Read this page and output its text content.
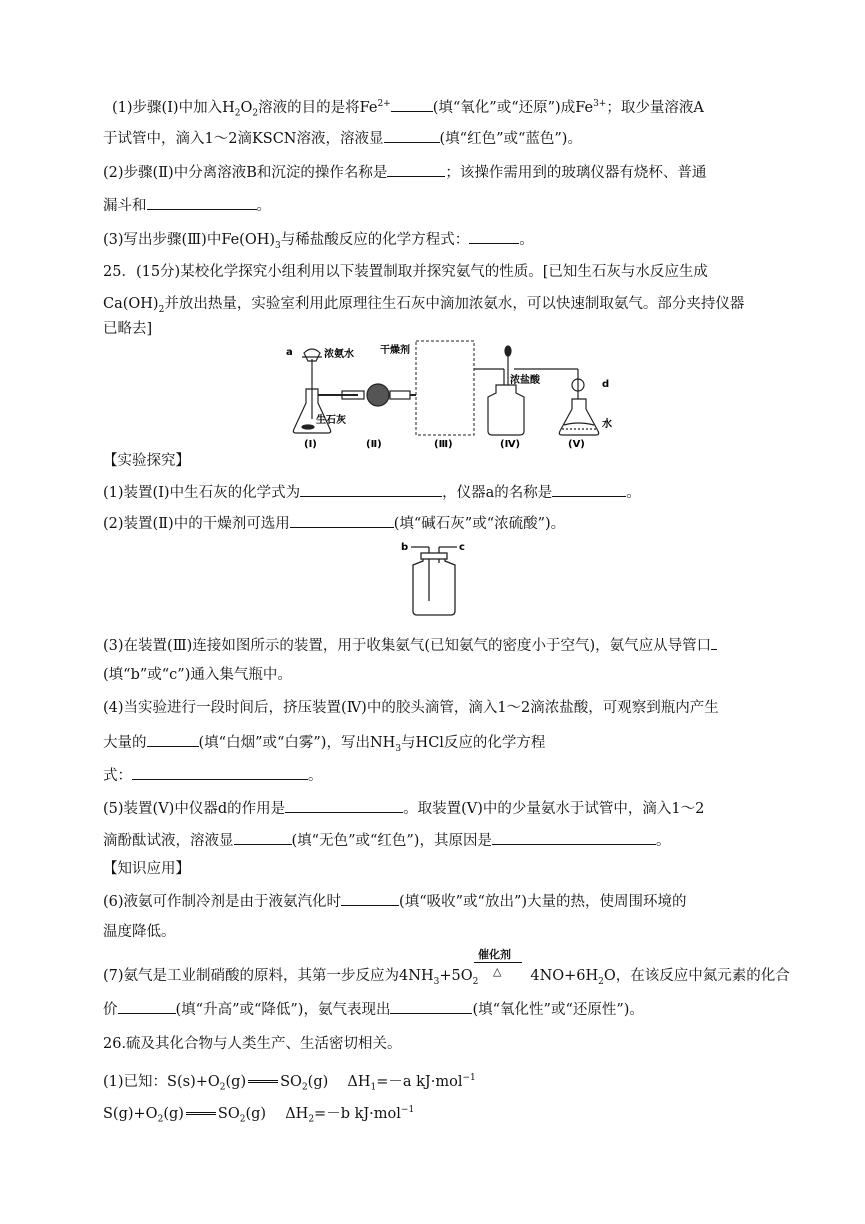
(1)步骤(Ⅰ)中加入$H_2O_2$溶液的目的是将$Fe^{2+}$	(填“氧化”或“还原”)成$Fe^{3+}$；取少量溶液A
于试管中，滴入1～2滴KSCN溶液，溶液显	(填“红色”或“蓝色”)。
(2)步骤(Ⅱ)中分离溶液B和沉淀的操作名称是	；该操作需用到的玻璃仪器有烧杯、普通
漏斗和	。
(3)写出步骤(Ⅲ)中$Fe(OH)_3$与稀盐酸反应的化学方程式：	。
25．(15分)某校化学探究小组利用以下装置制取并探究氨气的性质。[已知生石灰与水反应生成
$Ca(OH)_2$并放出热量，实验室利用此原理往生石灰中滴加浓氨水，可以快速制取氨气。部分夹持仪器
已略去]
a	浓氨水
生石灰
干燥剂
浓盐酸	d
水
(Ⅰ)	(Ⅱ)	(Ⅲ)	(Ⅳ)	(Ⅴ)
【实验探究】
(1)装置(Ⅰ)中生石灰的化学式为	，仪器a的名称是	。
(2)装置(Ⅱ)中的干燥剂可选用	(填“碱石灰”或“浓硫酸”)。
b	c
(3)在装置(Ⅲ)连接如图所示的装置，用于收集氨气(已知氨气的密度小于空气)，氨气应从导管口
(填“b”或“c”)通入集气瓶中。
(4)当实验进行一段时间后，挤压装置(Ⅳ)中的胶头滴管，滴入1～2滴浓盐酸，可观察到瓶内产生
大量的	(填“白烟”或“白雾”)，写出$NH_3$与HCl反应的化学方程
式：	。
(5)装置(Ⅴ)中仪器d的作用是	。取装置(Ⅴ)中的少量氨水于试管中，滴入1～2
滴酚酞试液，溶液显	(填“无色”或“红色”)，其原因是	。
【知识应用】
(6)液氨可作制冷剂是由于液氨汽化时	(填“吸收”或“放出”)大量的热，使周围环境的
温度降低。
催化剂
△
(7)氨气是工业制硝酸的原料，其第一步反应为$4NH_3+5O_2$	$4NO+6H_2O$，在该反应中氮元素的化合
价	(填“升高”或“降低”)，氨气表现出	(填“氧化性”或“还原性”)。
26.硫及其化合物与人类生产、生活密切相关。
(1)已知：$S(s)+O_2(g)$ $SO_2(g)$　 $\Delta H_1=-a$ kJ·mol$^{-1}$
$S(g)+O_2(g)$ $SO_2(g)$　 $\Delta H_2=-b$ kJ·mol$^{-1}$
